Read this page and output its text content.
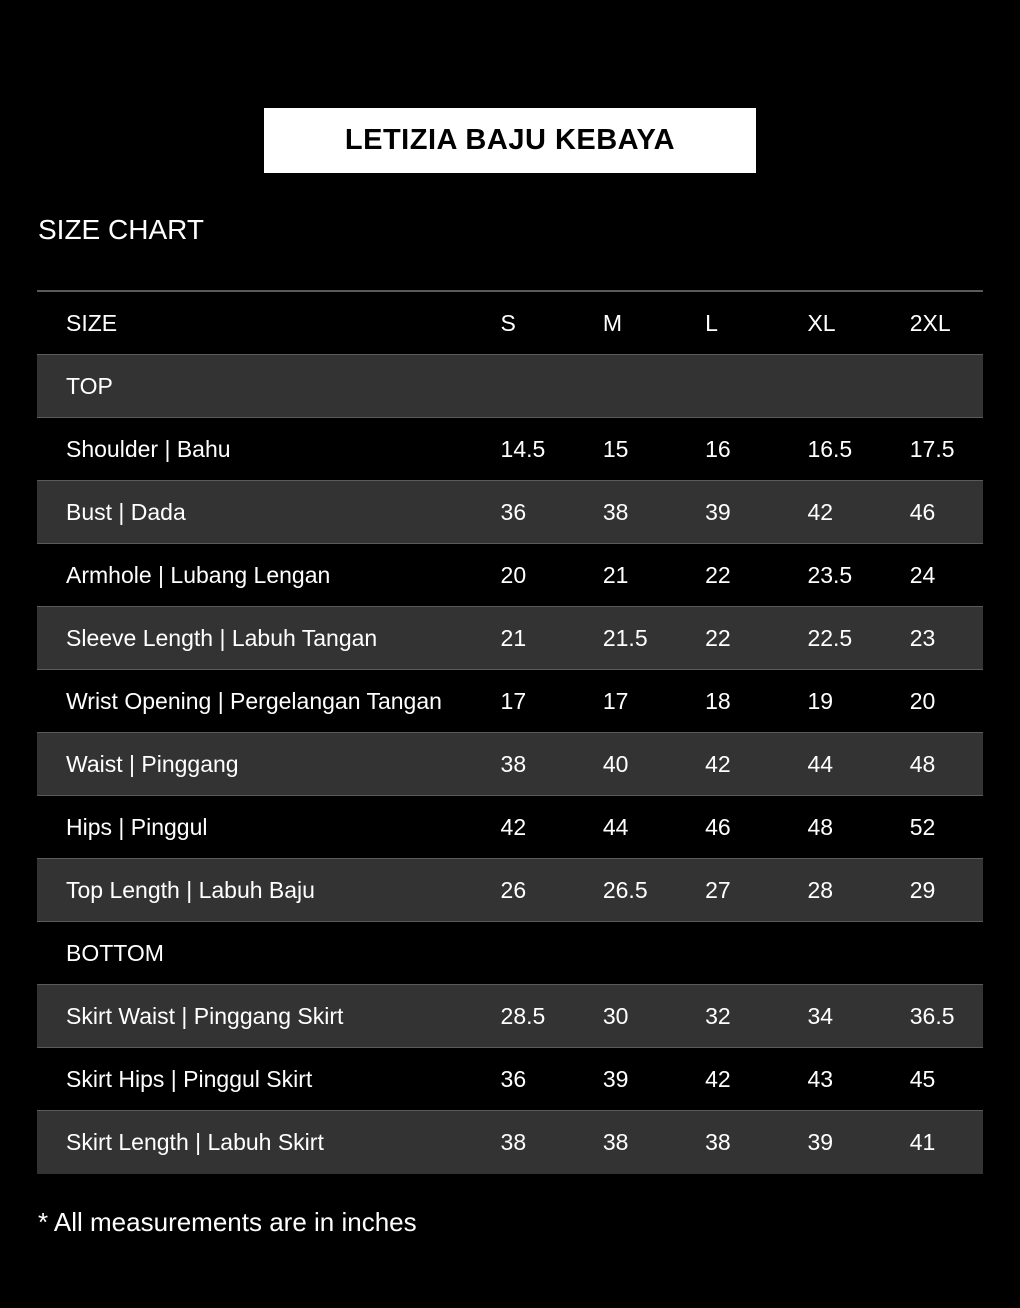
LETIZIA BAJU KEBAYA
SIZE CHART
SIZE	S	M	L	XL	2XL
TOP
Shoulder | Bahu	14.5	15	16	16.5	17.5
Bust | Dada	36	38	39	42	46
Armhole | Lubang Lengan	20	21	22	23.5	24
Sleeve Length | Labuh Tangan	21	21.5	22	22.5	23
Wrist Opening | Pergelangan Tangan	17	17	18	19	20
Waist | Pinggang	38	40	42	44	48
Hips | Pinggul	42	44	46	48	52
Top Length | Labuh Baju	26	26.5	27	28	29
BOTTOM
Skirt Waist | Pinggang Skirt	28.5	30	32	34	36.5
Skirt Hips | Pinggul Skirt	36	39	42	43	45
Skirt Length | Labuh Skirt	38	38	38	39	41
* All measurements are in inches
